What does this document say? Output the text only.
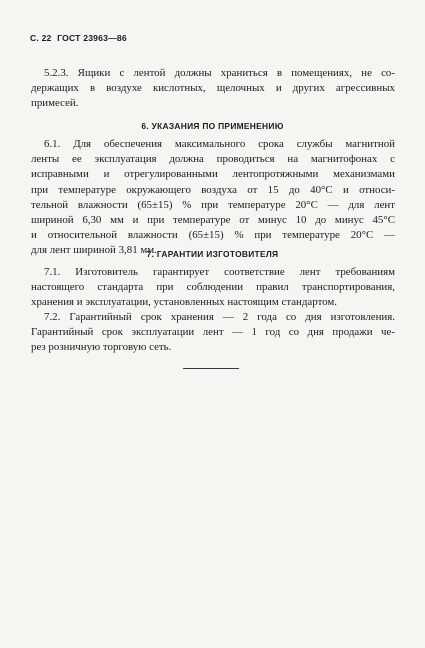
С. 22 ГОСТ 23963—86
5.2.3. Ящики с лентой должны храниться в помещениях, не со-
держащих в воздухе кислотных, щелочных и других агрессивных
примесей.
6. УКАЗАНИЯ ПО ПРИМЕНЕНИЮ
6.1. Для обеспечения максимального срока службы магнитной
ленты ее эксплуатация должна проводиться на магнитофонах с
исправными и отрегулированными лентопротяжными механизмами
при температуре окружающего воздуха от 15 до 40°С и относи-
тельной влажности (65±15) % при температуре 20°С — для лент
шириной 6,30 мм и при температуре от минус 10 до минус 45°С
и относительной влажности (65±15) % при температуре 20°С —
для лент шириной 3,81 мм.
7. ГАРАНТИИ ИЗГОТОВИТЕЛЯ
7.1. Изготовитель гарантирует соответствие лент требованиям
настоящего стандарта при соблюдении правил транспортирования,
хранения и эксплуатации, установленных настоящим стандартом.
7.2. Гарантийный срок хранения — 2 года со дня изготовления.
Гарантийный срок эксплуатации лент — 1 год со дня продажи че-
рез розничную торговую сеть.
